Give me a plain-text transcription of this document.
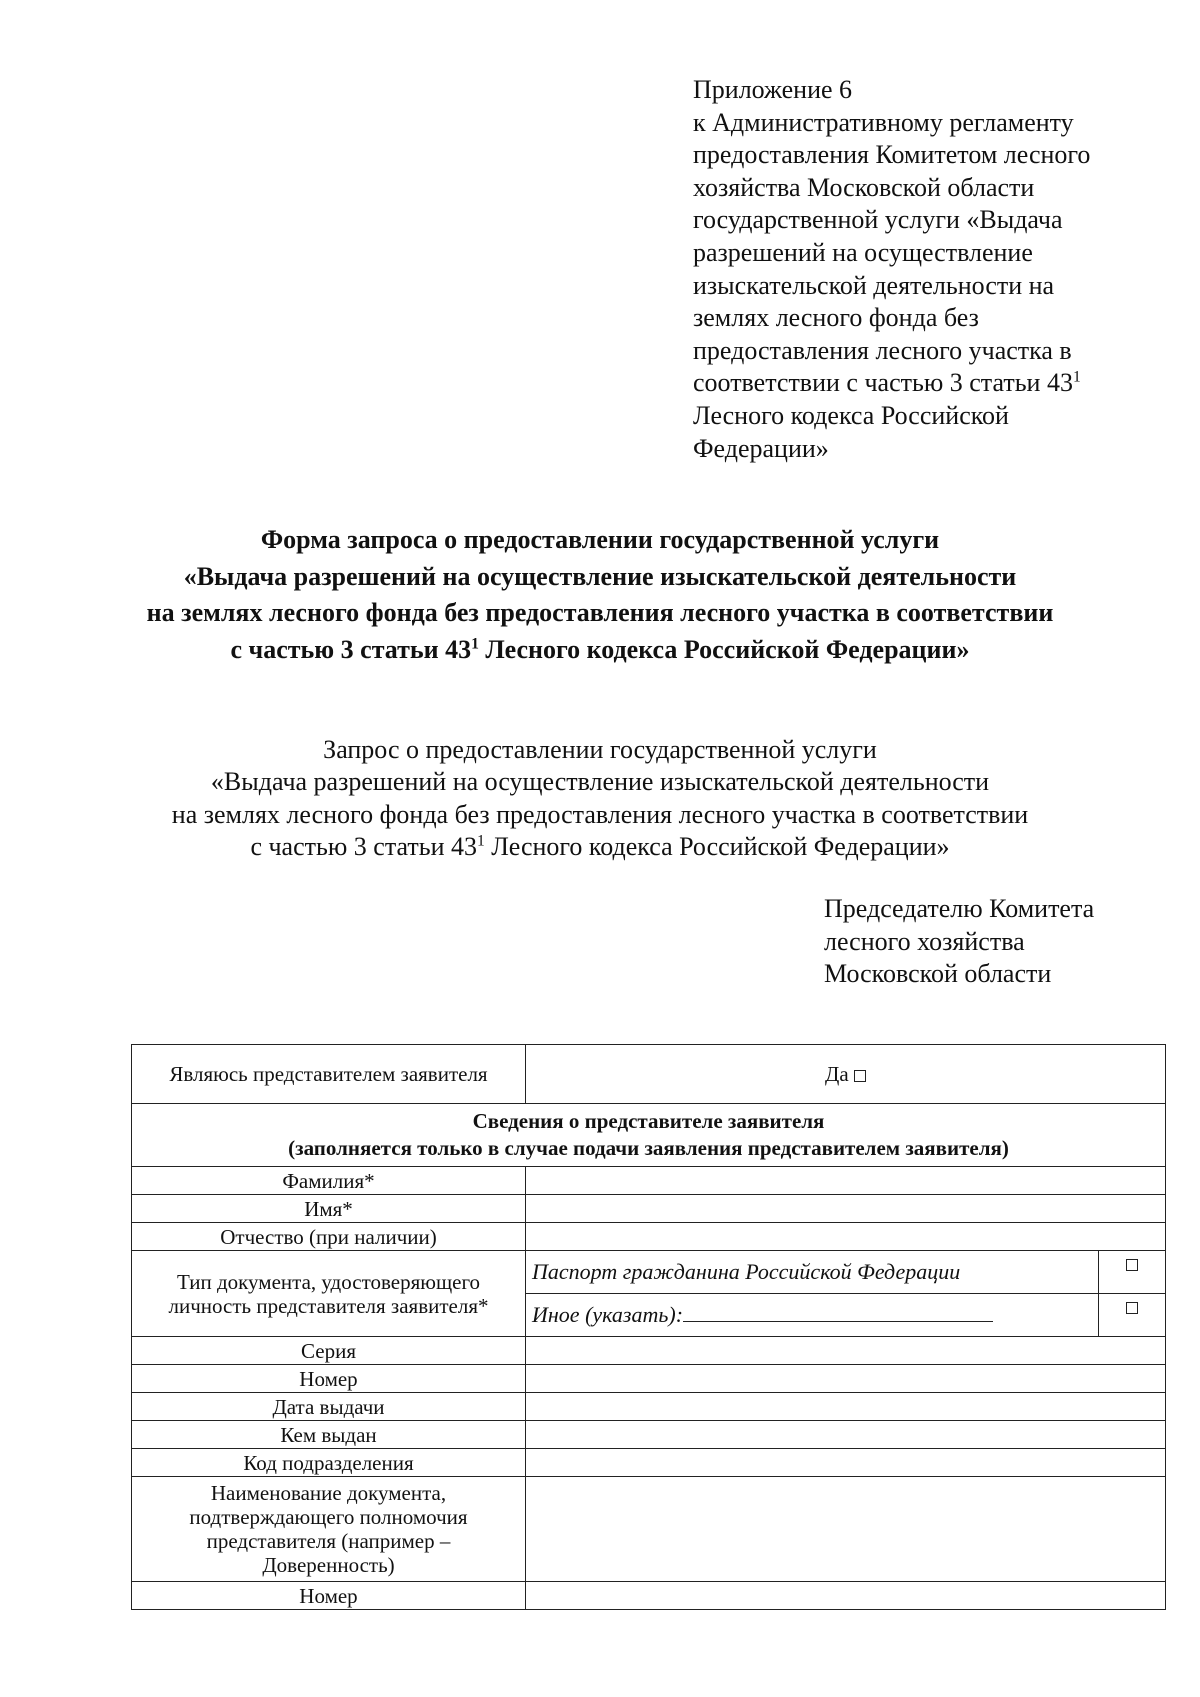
Приложение 6
к Административному регламенту
предоставления Комитетом лесного
хозяйства Московской области
государственной услуги «Выдача
разрешений на осуществление
изыскательской деятельности на
землях лесного фонда без
предоставления лесного участка в
соответствии с частью 3 статьи $43^1$
Лесного кодекса Российской
Федерации»
Форма запроса о предоставлении государственной услуги
«Выдача разрешений на осуществление изыскательской деятельности
на землях лесного фонда без предоставления лесного участка в соответствии
с частью 3 статьи $43^1$ Лесного кодекса Российской Федерации»
Запрос о предоставлении государственной услуги
«Выдача разрешений на осуществление изыскательской деятельности
на землях лесного фонда без предоставления лесного участка в соответствии
с частью 3 статьи $43^1$ Лесного кодекса Российской Федерации»
Председателю Комитета
лесного хозяйства
Московской области
Являюсь представителем заявителя	Да	

Сведения о представителе заявителя
(заполняется только в случае подачи заявления представителем заявителя)		

Фамилия*		
Имя*		
Отчество (при наличии)		
Тип документа, удостоверяющего личность представителя заявителя*	Паспорт гражданина Российской Федерации	
	Иное (указать):	
Серия		
Номер		
Дата выдачи		
Кем выдан		
Код подразделения		
Наименование документа, подтверждающего полномочия представителя (например – Доверенность)		
Номер		
